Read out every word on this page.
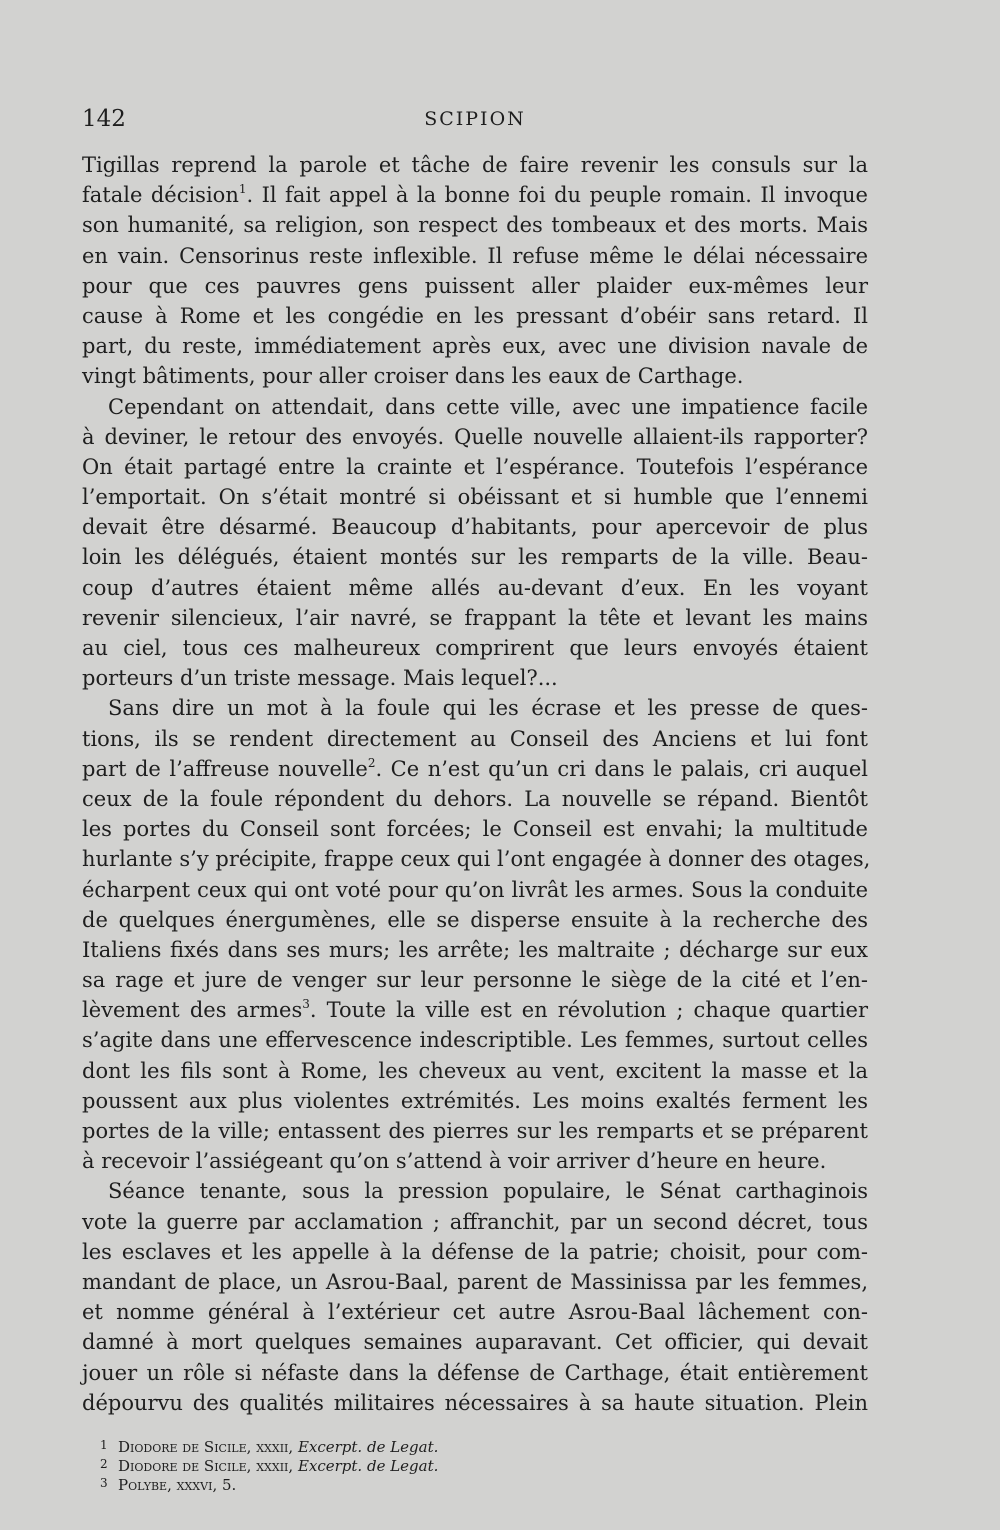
142	SCIPION
Tigillas reprend la parole et tâche de faire revenir les consuls sur la
fatale décision$^1$. Il fait appel à la bonne foi du peuple romain. Il invoque
son humanité, sa religion, son respect des tombeaux et des morts. Mais
en vain. Censorinus reste inflexible. Il refuse même le délai nécessaire
pour que ces pauvres gens puissent aller plaider eux-mêmes leur
cause à Rome et les congédie en les pressant d’obéir sans retard. Il
part, du reste, immédiatement après eux, avec une division navale de
vingt bâtiments, pour aller croiser dans les eaux de Carthage.
Cependant on attendait, dans cette ville, avec une impatience facile
à deviner, le retour des envoyés. Quelle nouvelle allaient-ils rapporter?
On était partagé entre la crainte et l’espérance. Toutefois l’espérance
l’emportait. On s’était montré si obéissant et si humble que l’ennemi
devait être désarmé. Beaucoup d’habitants, pour apercevoir de plus
loin les délégués, étaient montés sur les remparts de la ville. Beau-
coup d’autres étaient même allés au-devant d’eux. En les voyant
revenir silencieux, l’air navré, se frappant la tête et levant les mains
au ciel, tous ces malheureux comprirent que leurs envoyés étaient
porteurs d’un triste message. Mais lequel?...
Sans dire un mot à la foule qui les écrase et les presse de ques-
tions, ils se rendent directement au Conseil des Anciens et lui font
part de l’affreuse nouvelle$^2$. Ce n’est qu’un cri dans le palais, cri auquel
ceux de la foule répondent du dehors. La nouvelle se répand. Bientôt
les portes du Conseil sont forcées; le Conseil est envahi; la multitude
hurlante s’y précipite, frappe ceux qui l’ont engagée à donner des otages,
écharpent ceux qui ont voté pour qu’on livrât les armes. Sous la conduite
de quelques énergumènes, elle se disperse ensuite à la recherche des
Italiens fixés dans ses murs; les arrête; les maltraite ; décharge sur eux
sa rage et jure de venger sur leur personne le siège de la cité et l’en-
lèvement des armes$^3$. Toute la ville est en révolution ; chaque quartier
s’agite dans une effervescence indescriptible. Les femmes, surtout celles
dont les fils sont à Rome, les cheveux au vent, excitent la masse et la
poussent aux plus violentes extrémités. Les moins exaltés ferment les
portes de la ville; entassent des pierres sur les remparts et se préparent
à recevoir l’assiégeant qu’on s’attend à voir arriver d’heure en heure.
Séance tenante, sous la pression populaire, le Sénat carthaginois
vote la guerre par acclamation ; affranchit, par un second décret, tous
les esclaves et les appelle à la défense de la patrie; choisit, pour com-
mandant de place, un Asrou-Baal, parent de Massinissa par les femmes,
et nomme général à l’extérieur cet autre Asrou-Baal lâchement con-
damné à mort quelques semaines auparavant. Cet officier, qui devait
jouer un rôle si néfaste dans la défense de Carthage, était entièrement
dépourvu des qualités militaires nécessaires à sa haute situation. Plein
1 Diodore de Sicile, xxxii, Excerpt. de Legat.
2 Diodore de Sicile, xxxii, Excerpt. de Legat.
3 Polybe, xxxvi, 5.
